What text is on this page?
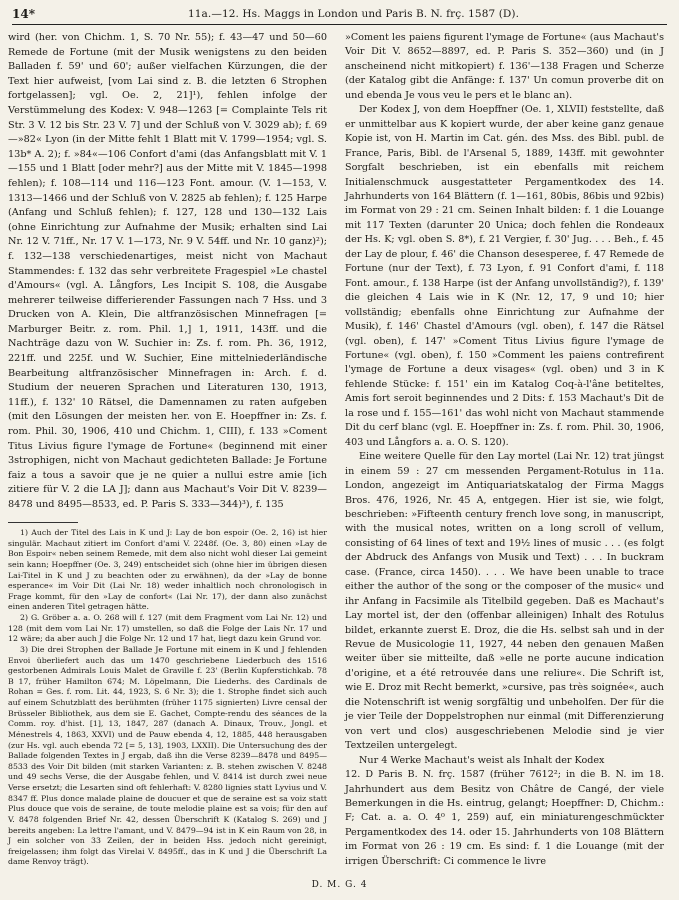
14*	11a.—12. Hs. Maggs in London und Paris B. N. frç. 1587 (D).

wird (her. von Chichm. 1, S. 70 Nr. 55); f. 43—47 und 50—60 Remede de Fortune (mit der Musik wenigstens zu den beiden Balladen f. 59' und 60'; außer vielfachen Kürzungen, die der Text hier aufweist, [vom Lai sind z. B. die letzten 6 Strophen fortgelassen]; vgl. Oe. 2, 21]¹), fehlen infolge der Verstümmelung des Kodex: V. 948—1263 [= Complainte Tels rit Str. 3 V. 12 bis Str. 23 V. 7] und der Schluß von V. 3029 ab); f. 69—»82« Lyon (in der Mitte fehlt 1 Blatt mit V. 1799—1954; vgl. S. 13b* A. 2); f. »84«—106 Confort d'ami (das Anfangsblatt mit V. 1—155 und 1 Blatt [oder mehr?] aus der Mitte mit V. 1845—1998 fehlen); f. 108—114 und 116—123 Font. amour. (V. 1—153, V. 1313—1466 und der Schluß von V. 2825 ab fehlen); f. 125 Harpe (Anfang und Schluß fehlen); f. 127, 128 und 130—132 Lais (ohne Einrichtung zur Aufnahme der Musik; erhalten sind Lai Nr. 12 V. 71ff., Nr. 17 V. 1—173, Nr. 9 V. 54ff. und Nr. 10 ganz)²); f. 132—138 verschiedenartiges, meist nicht von Machaut Stammendes: f. 132 das sehr verbreitete Fragespiel »Le chastel d'Amours« (vgl. A. Långfors, Les Incipit S. 108, die Ausgabe mehrerer teilweise differierender Fassungen nach 7 Hss. und 3 Drucken von A. Klein, Die altfranzösischen Minnefragen [= Marburger Beitr. z. rom. Phil. 1,] 1, 1911, 143ff. und die Nachträge dazu von W. Suchier in: Zs. f. rom. Ph. 36, 1912, 221ff. und 225f. und W. Suchier, Eine mittelniederländische Bearbeitung altfranzösischer Minnefragen in: Arch. f. d. Studium der neueren Sprachen und Literaturen 130, 1913, 11ff.), f. 132' 10 Rätsel, die Damennamen zu raten aufgeben (mit den Lösungen der meisten her. von E. Hoepffner in: Zs. f. rom. Phil. 30, 1906, 410 und Chichm. 1, CIII), f. 133 »Coment Titus Livius figure l'ymage de Fortune« (beginnend mit einer 3strophigen, nicht von Machaut gedichteten Ballade: Je Fortune faiz a tous a savoir que je ne quier a nullui estre amie [ich zitiere für V. 2 die LA J]; dann aus Machaut's Voir Dit V. 8239—8478 und 8495—8533, ed. P. Paris S. 333—344)³), f. 135

1) Auch der Titel des Lais in K und J: Lay de bon espoir (Oe. 2, 16) ist hier singulär. Machaut zitiert im Confort d'ami V. 2248f. (Oe. 3, 80) einen »Lay de Bon Espoir« neben seinem Remede, mit dem also nicht wohl dieser Lai gemeint sein kann; Hoepffner (Oe. 3, 249) entscheidet sich (ohne hier im übrigen diesen Lai-Titel in K und J zu beachten oder zu erwähnen), da der »Lay de bonne esperance« im Voir Dit (Lai Nr. 18) weder inhaltlich noch chronologisch in Frage kommt, für den »Lay de confort« (Lai Nr. 17), der dann also zunächst einen anderen Titel getragen hätte.

2) G. Gröber a. a. O. 268 will f. 127 (mit dem Fragment vom Lai Nr. 12) und 128 (mit dem vom Lai Nr. 17) umstellen, so daß die Folge der Lais Nr. 17 und 12 wäre; da aber auch J die Folge Nr. 12 und 17 hat, liegt dazu kein Grund vor.

3) Die drei Strophen der Ballade Je Fortune mit einem in K und J fehlenden Envoi überliefert auch das um 1470 geschriebene Liederbuch des 1516 gestorbenen Admirals Louis Malet de Graville f. 23' (Berlin Kupferstichkab. 78 B 17, früher Hamilton 674; M. Löpelmann, Die Liederhs. des Cardinals de Rohan = Ges. f. rom. Lit. 44, 1923, S. 6 Nr. 3); die 1. Strophe findet sich auch auf einem Schutzblatt des berühmten (früher 1175 signierten) Livre censal der Brüsseler Bibliothek, aus dem sie E. Gachet, Compte-rendu des séances de la Comm. roy. d'hist. [1], 13, 1847, 287 (danach A. Dinaux, Trouv., Jongl. et Ménestrels 4, 1863, XXVI) und de Pauw ebenda 4, 12, 1885, 448 herausgaben (zur Hs. vgl. auch ebenda 72 [= 5, 13], 1903, LXXII). Die Untersuchung des der Ballade folgenden Textes in J ergab, daß ihn die Verse 8239—8478 und 8495—8533 des Voir Dit bilden (mit starken Varianten: z. B. stehen zwischen V. 8248 und 49 sechs Verse, die der Ausgabe fehlen, und V. 8414 ist durch zwei neue Verse ersetzt; die Lesarten sind oft fehlerhaft: V. 8280 lignies statt Lyvius und V. 8347 ff. Plus donce malade plaine de doucuer et que de seraine est sa voiz statt Plus douce que vois de seraine, de toute melodie plaine est sa vois; für den auf V. 8478 folgenden Brief Nr. 42, dessen Überschrift K (Katalog S. 269) und J bereits angeben: La lettre l'amant, und V. 8479—94 ist in K ein Raum von 28, in J ein solcher von 33 Zeilen, der in beiden Hss. jedoch nicht gereinigt, freigelassen; ihm folgt das Virelai V. 8495ff., das in K und J die Überschrift La dame Renvoy trägt).

»Coment les paiens figurent l'ymage de Fortune« (aus Machaut's Voir Dit V. 8652—8897, ed. P. Paris S. 352—360) und (in J anscheinend nicht mitkopiert) f. 136'—138 Fragen und Scherze (der Katalog gibt die Anfänge: f. 137' Un comun proverbe dit on und ebenda Je vous veu le pers et le blanc an).

Der Kodex J, von dem Hoepffner (Oe. 1, XLVII) feststellte, daß er unmittelbar aus K kopiert wurde, der aber keine ganz genaue Kopie ist, von H. Martin im Cat. gén. des Mss. des Bibl. publ. de France, Paris, Bibl. de l'Arsenal 5, 1889, 143ff. mit gewohnter Sorgfalt beschrieben, ist ein ebenfalls mit reichem Initialenschmuck ausgestatteter Pergamentkodex des 14. Jahrhunderts von 164 Blättern (f. 1—161, 80bis, 86bis und 92bis) im Format von 29 : 21 cm. Seinen Inhalt bilden: f. 1 die Louange mit 117 Texten (darunter 20 Unica; doch fehlen die Rondeaux der Hs. K; vgl. oben S. 8*), f. 21 Vergier, f. 30' Jug. . . . Beh., f. 45 der Lay de plour, f. 46' die Chanson desesperee, f. 47 Remede de Fortune (nur der Text), f. 73 Lyon, f. 91 Confort d'ami, f. 118 Font. amour., f. 138 Harpe (ist der Anfang unvollständig?), f. 139' die gleichen 4 Lais wie in K (Nr. 12, 17, 9 und 10; hier vollständig; ebenfalls ohne Einrichtung zur Aufnahme der Musik), f. 146' Chastel d'Amours (vgl. oben), f. 147 die Rätsel (vgl. oben), f. 147' »Coment Titus Livius figure l'ymage de Fortune« (vgl. oben), f. 150 »Comment les paiens contrefirent l'ymage de Fortune a deux visages« (vgl. oben) und 3 in K fehlende Stücke: f. 151' ein im Katalog Coq-à-l'âne betiteltes, Amis fort seroit beginnendes und 2 Dits: f. 153 Machaut's Dit de la rose und f. 155—161' das wohl nicht von Machaut stammende Dit du cerf blanc (vgl. E. Hoepffner in: Zs. f. rom. Phil. 30, 1906, 403 und Långfors a. a. O. S. 120).

Eine weitere Quelle für den Lay mortel (Lai Nr. 12) trat jüngst in einem 59 : 27 cm messenden Pergament-Rotulus in 11a. London, angezeigt im Antiquariatskatalog der Firma Maggs Bros. 476, 1926, Nr. 45 A, entgegen. Hier ist sie, wie folgt, beschrieben: »Fifteenth century french love song, in manuscript, with the musical notes, written on a long scroll of vellum, consisting of 64 lines of text and 19½ lines of music . . . (es folgt der Abdruck des Anfangs von Musik und Text) . . . In buckram case. (France, circa 1450). . . . We have been unable to trace either the author of the song or the composer of the music« und ihr Anfang in Facsimile als Titelbild gegeben. Daß es Machaut's Lay mortel ist, der den (offenbar alleinigen) Inhalt des Rotulus bildet, erkannte zuerst E. Droz, die die Hs. selbst sah und in der Revue de Musicologie 11, 1927, 44 neben den genauen Maßen weiter über sie mitteilte, daß »elle ne porte aucune indication d'origine, et a été retrouvée dans une reliure«. Die Schrift ist, wie E. Droz mit Recht bemerkt, »cursive, pas très soignée«, auch die Notenschrift ist wenig sorgfältig und unbeholfen. Der für die je vier Teile der Doppelstrophen nur einmal (mit Differenzierung von vert und clos) ausgeschriebenen Melodie sind je vier Textzeilen untergelegt.

Nur 4 Werke Machaut's weist als Inhalt der Kodex

12. D Paris B. N. frç. 1587 (früher 7612²; in die B. N. im 18. Jahrhundert aus dem Besitz von Châtre de Cangé, der viele Bemerkungen in die Hs. eintrug, gelangt; Hoepffner: D, Chichm.: F; Cat. a. a. O. 4⁰ 1, 259) auf, ein miniaturengeschmückter Pergamentkodex des 14. oder 15. Jahrhunderts von 108 Blättern im Format von 26 : 19 cm. Es sind: f. 1 die Louange (mit der irrigen Überschrift: Ci commence le livre

D. M. G. 4
